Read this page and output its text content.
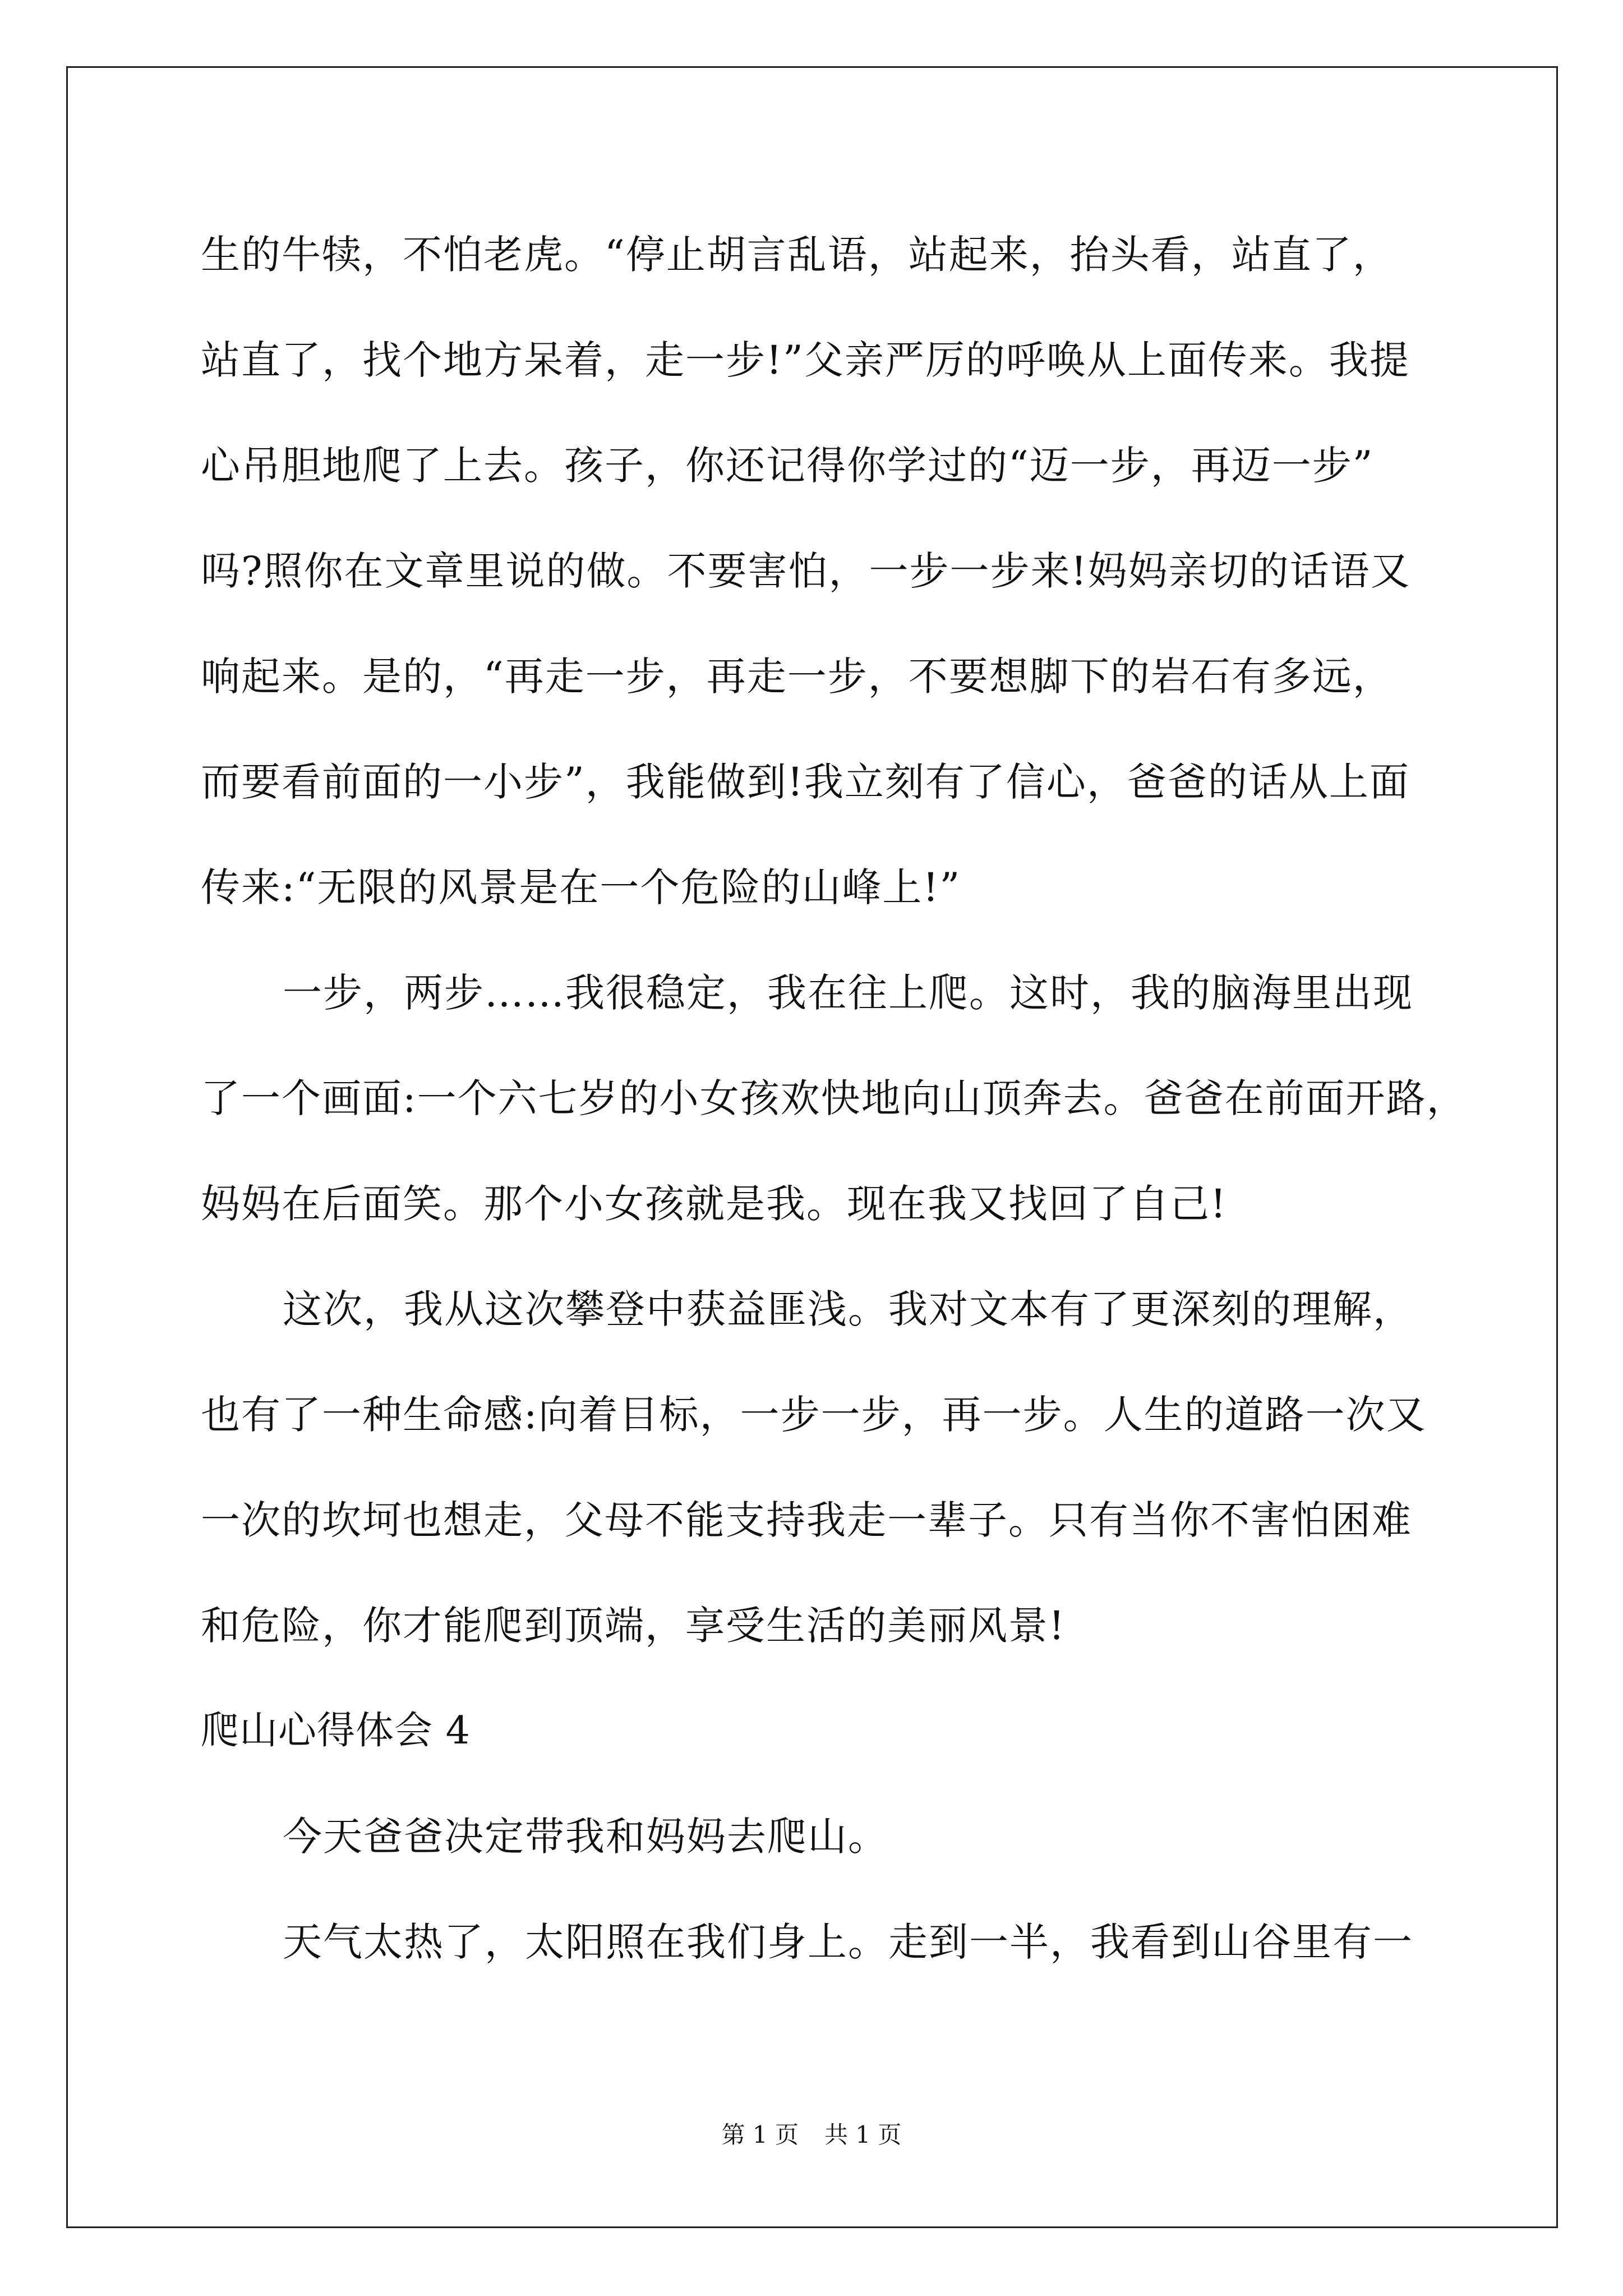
生的牛犊，不怕老虎。“停止胡言乱语，站起来，抬头看，站直了，
站直了，找个地方呆着，走一步!”父亲严厉的呼唤从上面传来。我提
心吊胆地爬了上去。孩子，你还记得你学过的“迈一步，再迈一步”
吗?照你在文章里说的做。不要害怕，一步一步来!妈妈亲切的话语又
响起来。是的，“再走一步，再走一步，不要想脚下的岩石有多远，
而要看前面的一小步”，我能做到!我立刻有了信心，爸爸的话从上面
传来:“无限的风景是在一个危险的山峰上!”
一步，两步……我很稳定，我在往上爬。这时，我的脑海里出现
了一个画面:一个六七岁的小女孩欢快地向山顶奔去。爸爸在前面开路，
妈妈在后面笑。那个小女孩就是我。现在我又找回了自己!
这次，我从这次攀登中获益匪浅。我对文本有了更深刻的理解，
也有了一种生命感:向着目标，一步一步，再一步。人生的道路一次又
一次的坎坷也想走，父母不能支持我走一辈子。只有当你不害怕困难
和危险，你才能爬到顶端，享受生活的美丽风景!
爬山心得体会 4
今天爸爸决定带我和妈妈去爬山。
天气太热了，太阳照在我们身上。走到一半，我看到山谷里有一
第 1 页 共 1 页
